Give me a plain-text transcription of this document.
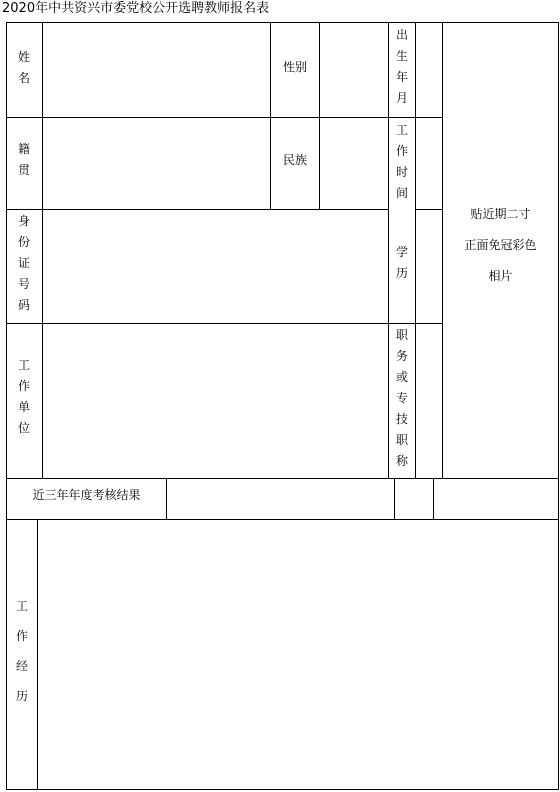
2020年中共资兴市委党校公开选聘教师报名表
姓名
性别
出生年月
籍贯
民族
工作时间
身份证号码
学历
工作单位
职务或专技职称
贴近期二寸
正面免冠彩色
相片
近三年年度考核结果
工作经历
